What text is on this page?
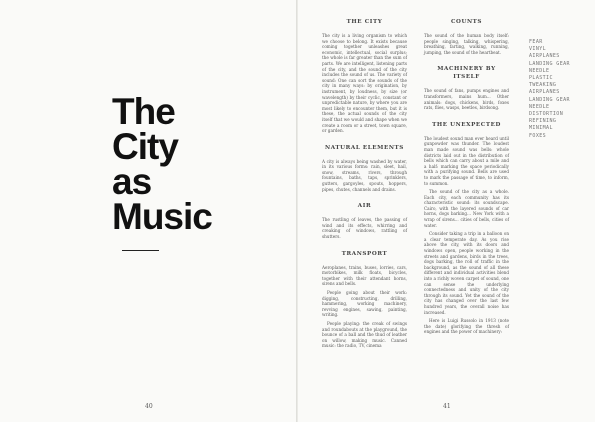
The
City
as
Music

40

THE CITY

The city is a living organism to which we choose to belong. It exists because coming together unleashes great economic, intellectual, social surplus; the whole is far greater than the sum of parts. We are intelligent, listening parts of the city, and the sound of the city includes the sound of us. The variety of sound: One can sort the sounds of the city in many ways: by origination, by instrument, by loudness, by size (or wavelength) by their cyclic, constant or unpredictable nature, by where you are most likely to encounter them, but it is these, the actual sounds of the city itself that we would and shape when we create a room or a street, town square, or garden.

NATURAL ELEMENTS

A city is always being washed by water, in its various forms: rain, sleet, hail, snow, streams, rivers, through fountains, baths, taps, sprinklers, gutters, gargoyles, spouts, hoppers, pipes, chutes, channels and drains.

AIR

The rustling of leaves, the passing of wind and its effects, whirring and creaking of windows, rattling of shutters.

TRANSPORT

Aeroplanes, trains, buses, lorries, cars, motorbikes, milk floats, bicycles, together with their attendant horns, sirens and bells.

People going about their work: digging, constructing, drilling, hammering, working machinery, revving engines, sawing, painting, writing.

People playing: the creak of swings and roundabouts at the playground, the bounce of a ball and the thud of leather on willow, making music. Canned music: the radio, TV, cinema

COUNTS

The sound of the human body itself: people singing, talking, whispering, breathing, farting, walking, running, jumping, the sound of the heartbeat.

MACHINERY BY ITSELF

The sound of fans, pumps engines and transformers, mains hum... Other animals: dogs, chickens, birds, foxes rats, flies, wasps, beetles, birdsong.

THE UNEXPECTED

The loudest sound man ever heard until gunpowder was thunder. The loudest man made sound was bells: whole districts laid out in the distribution of bells which can carry about a mile and a half: marking the space periodically with a purifying sound. Bells are used to mark the passage of time, to inform, to summon.

The sound of the city as a whole. Each city, each community has its characteristic sound: its soundscape. Cairo, with the layered sounds of car horns, dogs barking... New York with a wrap of sirens... cities of bells, cities of water.

Consider taking a trip in a balloon on a clear temperate day. As you rise above the city, with its doors and windows open, people working in the streets and gardens, birds in the trees, dogs barking, the roll of traffic in the background, as the sound of all these different and individual activities blend into a richly woven carpet of sound, one can sense the underlying connectedness and unity of the city through its sound. Yet the sound of the city has changed over the last few hundred years, the overall noise has increased.

Here is Luigi Russolo in 1913 (note the date) glorifying the thresh of engines and the power of machinery:

41

FEAR
VINYL
AIRPLANES
LANDING GEAR
NEEDLE
PLASTIC
TWEAKING
AIRPLANES
LANDING GEAR
NEEDLE
DISTORTION
REFINING
MINIMAL
FOXES
